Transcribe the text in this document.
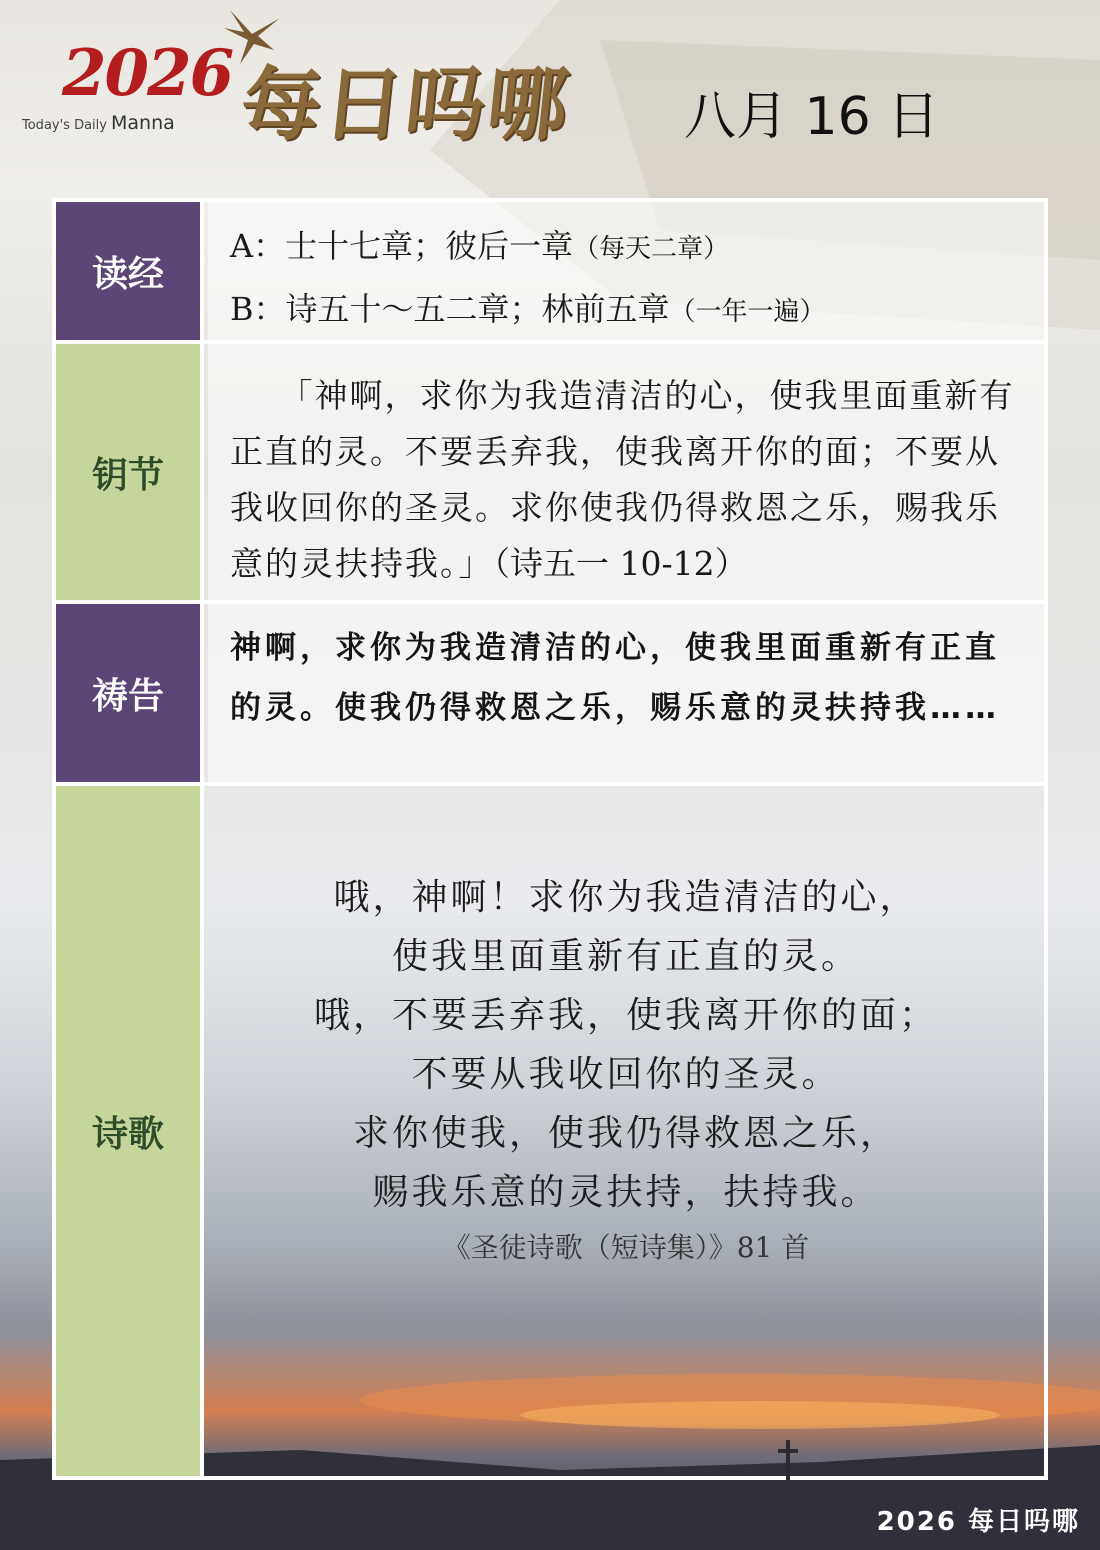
2026
Today's Daily Manna 每日吗哪 八月 16 日
读经

A：士十七章；彼后一章（每天二章）

B：诗五十～五二章；林前五章（一年一遍）

钥节

「神啊，求你为我造清洁的心，使我里面重新有正直的灵。不要丢弃我，使我离开你的面；不要从我收回你的圣灵。求你使我仍得救恩之乐，赐我乐意的灵扶持我。」（诗五一 10-12）

祷告

神啊，求你为我造清洁的心，使我里面重新有正直的灵。使我仍得救恩之乐，赐乐意的灵扶持我……

诗歌
哦，神啊！求你为我造清洁的心，
使我里面重新有正直的灵。
哦，不要丢弃我，使我离开你的面；
不要从我收回你的圣灵。
求你使我，使我仍得救恩之乐，
赐我乐意的灵扶持，扶持我。
《圣徒诗歌（短诗集）》81 首
2026 每日吗哪
